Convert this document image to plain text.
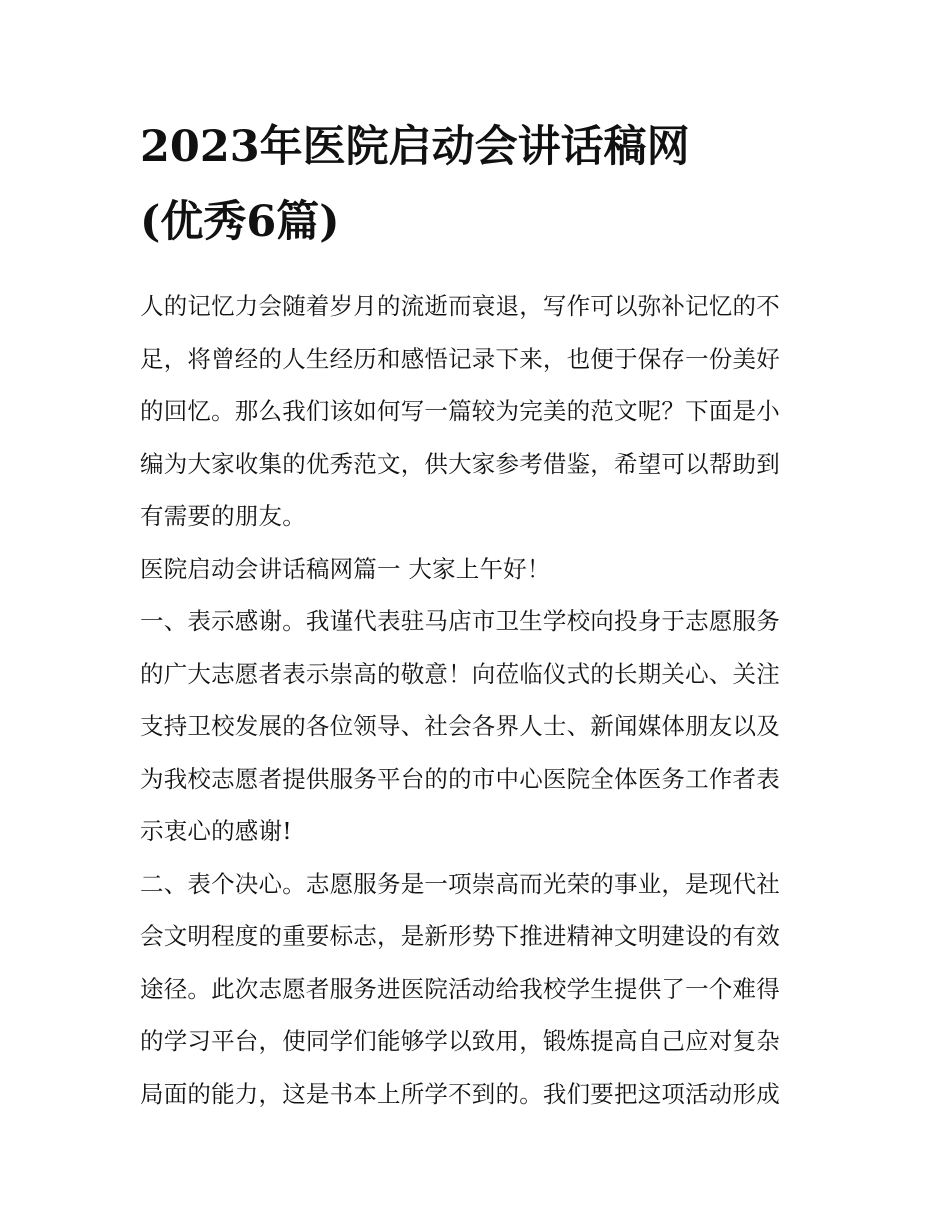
2023年医院启动会讲话稿网
(优秀6篇)

人的记忆力会随着岁月的流逝而衰退，写作可以弥补记忆的不
足，将曾经的人生经历和感悟记录下来，也便于保存一份美好
的回忆。那么我们该如何写一篇较为完美的范文呢？下面是小
编为大家收集的优秀范文，供大家参考借鉴，希望可以帮助到
有需要的朋友。

医院启动会讲话稿网篇一 大家上午好！

一、表示感谢。我谨代表驻马店市卫生学校向投身于志愿服务
的广大志愿者表示崇高的敬意！向莅临仪式的长期关心、关注
支持卫校发展的各位领导、社会各界人士、新闻媒体朋友以及
为我校志愿者提供服务平台的的市中心医院全体医务工作者表
示衷心的感谢!

二、表个决心。志愿服务是一项崇高而光荣的事业，是现代社
会文明程度的重要标志，是新形势下推进精神文明建设的有效
途径。此次志愿者服务进医院活动给我校学生提供了一个难得
的学习平台，使同学们能够学以致用，锻炼提高自己应对复杂
局面的能力，这是书本上所学不到的。我们要把这项活动形成
